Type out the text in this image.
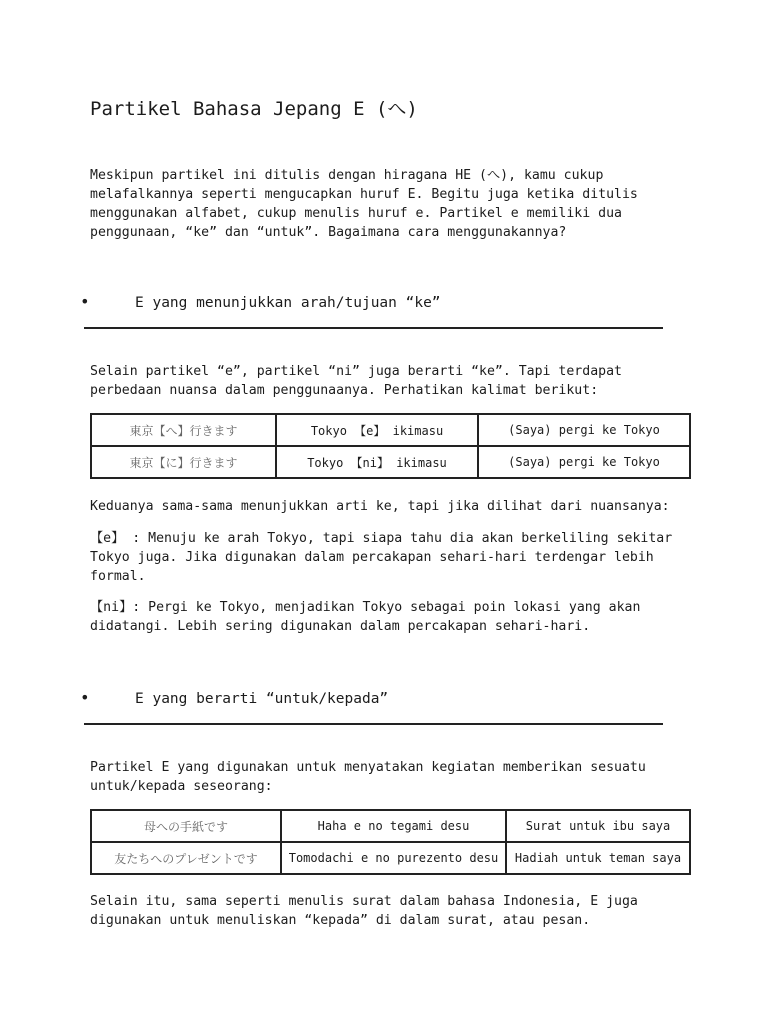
Partikel Bahasa Jepang E (へ)
Meskipun partikel ini ditulis dengan hiragana HE (へ), kamu cukup
melafalkannya seperti mengucapkan huruf E. Begitu juga ketika ditulis
menggunakan alfabet, cukup menulis huruf e. Partikel e memiliki dua
penggunaan, “ke” dan “untuk”. Bagaimana cara menggunakannya?
•	E yang menunjukkan arah/tujuan “ke”
Selain partikel “e”, partikel “ni” juga berarti “ke”. Tapi terdapat
perbedaan nuansa dalam penggunaanya. Perhatikan kalimat berikut:
東京【へ】行きます	Tokyo 【e】 ikimasu	(Saya) pergi ke Tokyo
東京【に】行きます	Tokyo 【ni】 ikimasu	(Saya) pergi ke Tokyo
Keduanya sama-sama menunjukkan arti ke, tapi jika dilihat dari nuansanya:
【e】 : Menuju ke arah Tokyo, tapi siapa tahu dia akan berkeliling sekitar
Tokyo juga. Jika digunakan dalam percakapan sehari-hari terdengar lebih
formal.
【ni】: Pergi ke Tokyo, menjadikan Tokyo sebagai poin lokasi yang akan
didatangi. Lebih sering digunakan dalam percakapan sehari-hari.
•	E yang berarti “untuk/kepada”
Partikel E yang digunakan untuk menyatakan kegiatan memberikan sesuatu
untuk/kepada seseorang:
母への手紙です	Haha e no tegami desu	Surat untuk ibu saya
友たちへのプレゼントです	Tomodachi e no purezento desu	Hadiah untuk teman saya
Selain itu, sama seperti menulis surat dalam bahasa Indonesia, E juga
digunakan untuk menuliskan “kepada” di dalam surat, atau pesan.
